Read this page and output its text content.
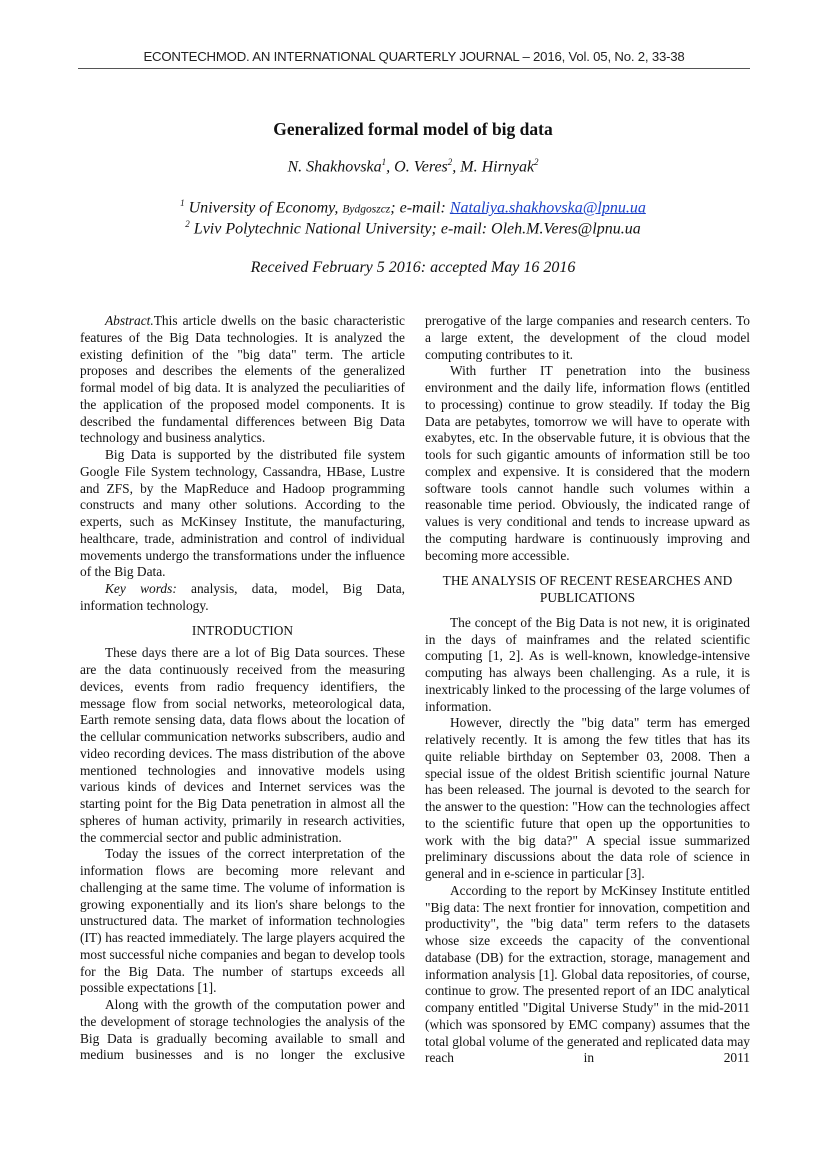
ECONTECHMOD. AN INTERNATIONAL QUARTERLY JOURNAL – 2016, Vol. 05, No. 2, 33-38
Generalized formal model of big data
N. Shakhovska$^1$, O. Veres$^2$, M. Hirnyak$^2$
$^1$ University of Economy, Bydgoszcz; e-mail: Nataliya.shakhovska@lpnu.ua
$^2$ Lviv Polytechnic National University; e-mail: Oleh.M.Veres@lpnu.ua
Received February 5 2016: accepted May 16 2016

Abstract.This article dwells on the basic characteristic features of the Big Data technologies. It is analyzed the existing definition of the "big data" term. The article proposes and describes the elements of the generalized formal model of big data. It is analyzed the peculiarities of the application of the proposed model components. It is described the fundamental differences between Big Data technology and business analytics.

Big Data is supported by the distributed file system Google File System technology, Cassandra, HBase, Lustre and ZFS, by the MapReduce and Hadoop programming constructs and many other solutions. According to the experts, such as McKinsey Institute, the manufacturing, healthcare, trade, administration and control of individual movements undergo the transformations under the influence of the Big Data.

Key words: analysis, data, model, Big Data, information technology.

INTRODUCTION

These days there are a lot of Big Data sources. These are the data continuously received from the measuring devices, events from radio frequency identifiers, the message flow from social networks, meteorological data, Earth remote sensing data, data flows about the location of the cellular communication networks subscribers, audio and video recording devices. The mass distribution of the above mentioned technologies and innovative models using various kinds of devices and Internet services was the starting point for the Big Data penetration in almost all the spheres of human activity, primarily in research activities, the commercial sector and public administration.

Today the issues of the correct interpretation of the information flows are becoming more relevant and challenging at the same time. The volume of information is growing exponentially and its lion's share belongs to the unstructured data. The market of information technologies (IT) has reacted immediately. The large players acquired the most successful niche companies and began to develop tools for the Big Data. The number of startups exceeds all possible expectations [1].

Along with the growth of the computation power and the development of storage technologies the analysis of the Big Data is gradually becoming available to small and medium businesses and is no longer the exclusive

prerogative of the large companies and research centers. To a large extent, the development of the cloud model computing contributes to it.

With further IT penetration into the business environment and the daily life, information flows (entitled to processing) continue to grow steadily. If today the Big Data are petabytes, tomorrow we will have to operate with exabytes, etc. In the observable future, it is obvious that the tools for such gigantic amounts of information still be too complex and expensive. It is considered that the modern software tools cannot handle such volumes within a reasonable time period. Obviously, the indicated range of values is very conditional and tends to increase upward as the computing hardware is continuously improving and becoming more accessible.

THE ANALYSIS OF RECENT RESEARCHES AND
PUBLICATIONS

The concept of the Big Data is not new, it is originated in the days of mainframes and the related scientific computing [1, 2]. As is well-known, knowledge-intensive computing has always been challenging. As a rule, it is inextricably linked to the processing of the large volumes of information.

However, directly the "big data" term has emerged relatively recently. It is among the few titles that has its quite reliable birthday on September 03, 2008. Then a special issue of the oldest British scientific journal Nature has been released. The journal is devoted to the search for the answer to the question: "How can the technologies affect to the scientific future that open up the opportunities to work with the big data?" A special issue summarized preliminary discussions about the data role of science in general and in e-science in particular [3].

According to the report by McKinsey Institute entitled "Big data: The next frontier for innovation, competition and productivity", the "big data" term refers to the datasets whose size exceeds the capacity of the conventional database (DB) for the extraction, storage, management and information analysis [1]. Global data repositories, of course, continue to grow. The presented report of an IDC analytical company entitled "Digital Universe Study" in the mid-2011 (which was sponsored by EMC company) assumes that the total global volume of the generated and replicated data may reach in 2011
